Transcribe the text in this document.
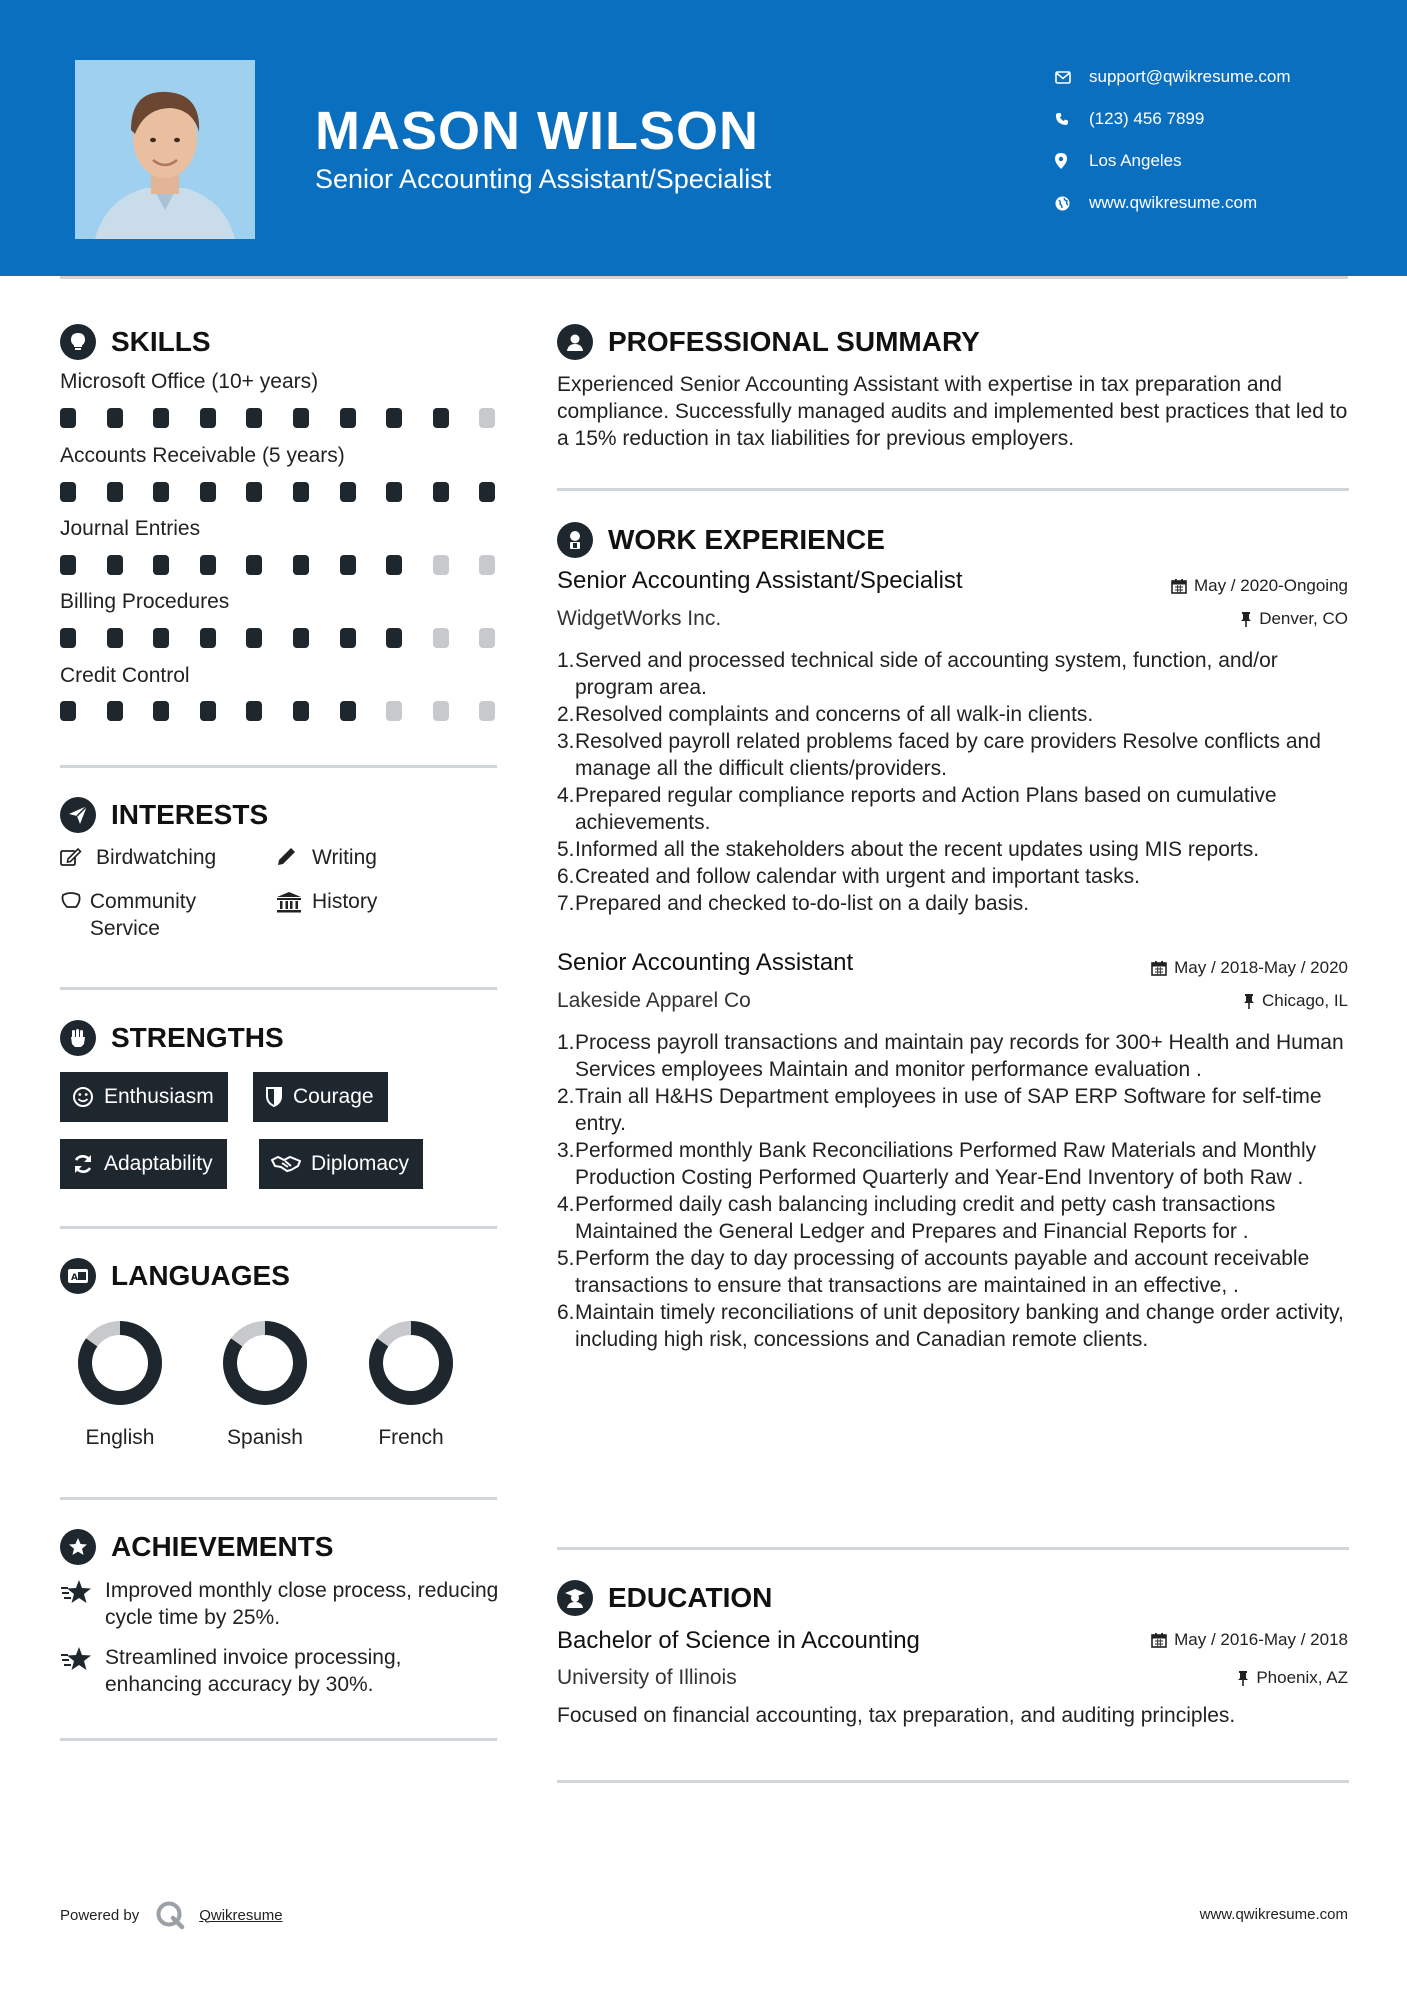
MASON WILSON
Senior Accounting Assistant/Specialist
support@qwikresume.com
(123) 456 7899
Los Angeles
www.qwikresume.com
SKILLS
Microsoft Office (10+ years)
Accounts Receivable (5 years)
Journal Entries
Billing Procedures
Credit Control
INTERESTS
Birdwatching	Writing
Community Service
History
STRENGTHS
Enthusiasm	Courage
Adaptability	Diplomacy
A LANGUAGES
English	Spanish	French
ACHIEVEMENTS
Improved monthly close process, reducing cycle time by 25%.
Streamlined invoice processing, enhancing accuracy by 30%.
PROFESSIONAL SUMMARY
Experienced Senior Accounting Assistant with expertise in tax preparation and compliance. Successfully managed audits and implemented best practices that led to a 15% reduction in tax liabilities for previous employers.
WORK EXPERIENCE
Senior Accounting Assistant/Specialist	May / 2020-Ongoing
WidgetWorks Inc.	Denver, CO
1. Served and processed technical side of accounting system, function, and/or program area.
2. Resolved complaints and concerns of all walk-in clients.
3. Resolved payroll related problems faced by care providers Resolve conflicts and manage all the difficult clients/providers.
4. Prepared regular compliance reports and Action Plans based on cumulative achievements.
5. Informed all the stakeholders about the recent updates using MIS reports.
6. Created and follow calendar with urgent and important tasks.
7. Prepared and checked to-do-list on a daily basis.
Senior Accounting Assistant	May / 2018-May / 2020
Lakeside Apparel Co	Chicago, IL
1. Process payroll transactions and maintain pay records for 300+ Health and Human Services employees Maintain and monitor performance evaluation .
2. Train all H&HS Department employees in use of SAP ERP Software for self-time entry.
3. Performed monthly Bank Reconciliations Performed Raw Materials and Monthly Production Costing Performed Quarterly and Year-End Inventory of both Raw .
4. Performed daily cash balancing including credit and petty cash transactions Maintained the General Ledger and Prepares and Financial Reports for .
5. Perform the day to day processing of accounts payable and account receivable transactions to ensure that transactions are maintained in an effective, .
6. Maintain timely reconciliations of unit depository banking and change order activity, including high risk, concessions and Canadian remote clients.
EDUCATION
Bachelor of Science in Accounting	May / 2016-May / 2018
University of Illinois	Phoenix, AZ
Focused on financial accounting, tax preparation, and auditing principles.
Powered by	Qwikresume	www.qwikresume.com
